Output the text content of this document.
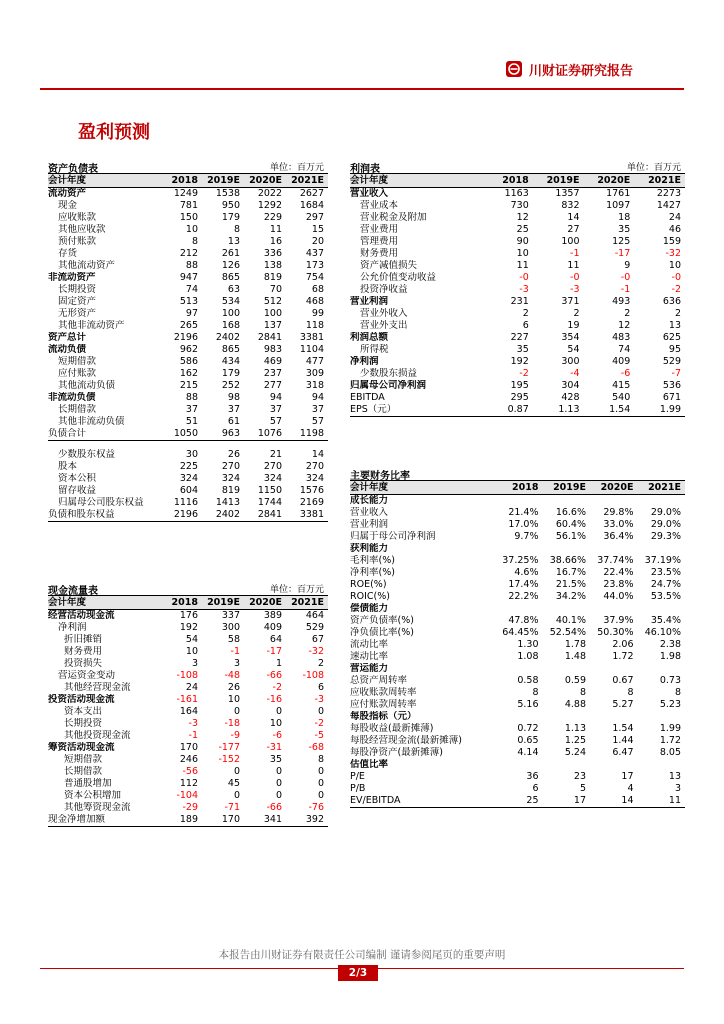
川财证券研究报告
盈利预测
资产负债表	单位：百万元
会计年度	2018	2019E	2020E	2021E
流动资产	1249	1538	2022	2627
现金	781	950	1292	1684
应收账款	150	179	229	297
其他应收款	10	8	11	15
预付账款	8	13	16	20
存货	212	261	336	437
其他流动资产	88	126	138	173
非流动资产	947	865	819	754
长期投资	74	63	70	68
固定资产	513	534	512	468
无形资产	97	100	100	99
其他非流动资产	265	168	137	118
资产总计	2196	2402	2841	3381
流动负债	962	865	983	1104
短期借款	586	434	469	477
应付账款	162	179	237	309
其他流动负债	215	252	277	318
非流动负债	88	98	94	94
长期借款	37	37	37	37
其他非流动负债	51	61	57	57
负债合计	1050	963	1076	1198

少数股东权益	30	26	21	14
股本	225	270	270	270
资本公积	324	324	324	324
留存收益	604	819	1150	1576
归属母公司股东权益	1116	1413	1744	2169
负债和股东权益	2196	2402	2841	3381
利润表	单位：百万元
会计年度	2018	2019E	2020E	2021E
营业收入	1163	1357	1761	2273
营业成本	730	832	1097	1427
营业税金及附加	12	14	18	24
营业费用	25	27	35	46
管理费用	90	100	125	159
财务费用	10	-1	-17	-32
资产减值损失	11	11	9	10
公允价值变动收益	-0	-0	-0	-0
投资净收益	-3	-3	-1	-2
营业利润	231	371	493	636
营业外收入	2	2	2	2
营业外支出	6	19	12	13
利润总额	227	354	483	625
所得税	35	54	74	95
净利润	192	300	409	529
少数股东损益	-2	-4	-6	-7
归属母公司净利润	195	304	415	536
EBITDA	295	428	540	671
EPS（元）	0.87	1.13	1.54	1.99
主要财务比率
会计年度	2018	2019E	2020E	2021E
成长能力				
营业收入	21.4%	16.6%	29.8%	29.0%
营业利润	17.0%	60.4%	33.0%	29.0%
归属于母公司净利润	9.7%	56.1%	36.4%	29.3%
获利能力				
毛利率(%)	37.25%	38.66%	37.74%	37.19%
净利率(%)	4.6%	16.7%	22.4%	23.5%
ROE(%)	17.4%	21.5%	23.8%	24.7%
ROIC(%)	22.2%	34.2%	44.0%	53.5%
偿债能力				
资产负债率(%)	47.8%	40.1%	37.9%	35.4%
净负债比率(%)	64.45%	52.54%	50.30%	46.10%
流动比率	1.30	1.78	2.06	2.38
速动比率	1.08	1.48	1.72	1.98
营运能力				
总资产周转率	0.58	0.59	0.67	0.73
应收账款周转率	8	8	8	8
应付账款周转率	5.16	4.88	5.27	5.23
每股指标（元）				
每股收益(最新摊薄)	0.72	1.13	1.54	1.99
每股经营现金流(最新摊薄)	0.65	1.25	1.44	1.72
每股净资产(最新摊薄)	4.14	5.24	6.47	8.05
估值比率				
P/E	36	23	17	13
P/B	6	5	4	3
EV/EBITDA	25	17	14	11
现金流量表	单位：百万元
会计年度	2018	2019E	2020E	2021E
经营活动现金流	176	337	389	464
净利润	192	300	409	529
折旧摊销	54	58	64	67
财务费用	10	-1	-17	-32
投资损失	3	3	1	2
营运资金变动	-108	-48	-66	-108
其他经营现金流	24	26	-2	6
投资活动现金流	-161	10	-16	-3
资本支出	164	0	0	0
长期投资	-3	-18	10	-2
其他投资现金流	-1	-9	-6	-5
筹资活动现金流	170	-177	-31	-68
短期借款	246	-152	35	8
长期借款	-56	0	0	0
普通股增加	112	45	0	0
资本公积增加	-104	0	0	0
其他筹资现金流	-29	-71	-66	-76
现金净增加额	189	170	341	392
本报告由川财证券有限责任公司编制 谨请参阅尾页的重要声明
2/3
